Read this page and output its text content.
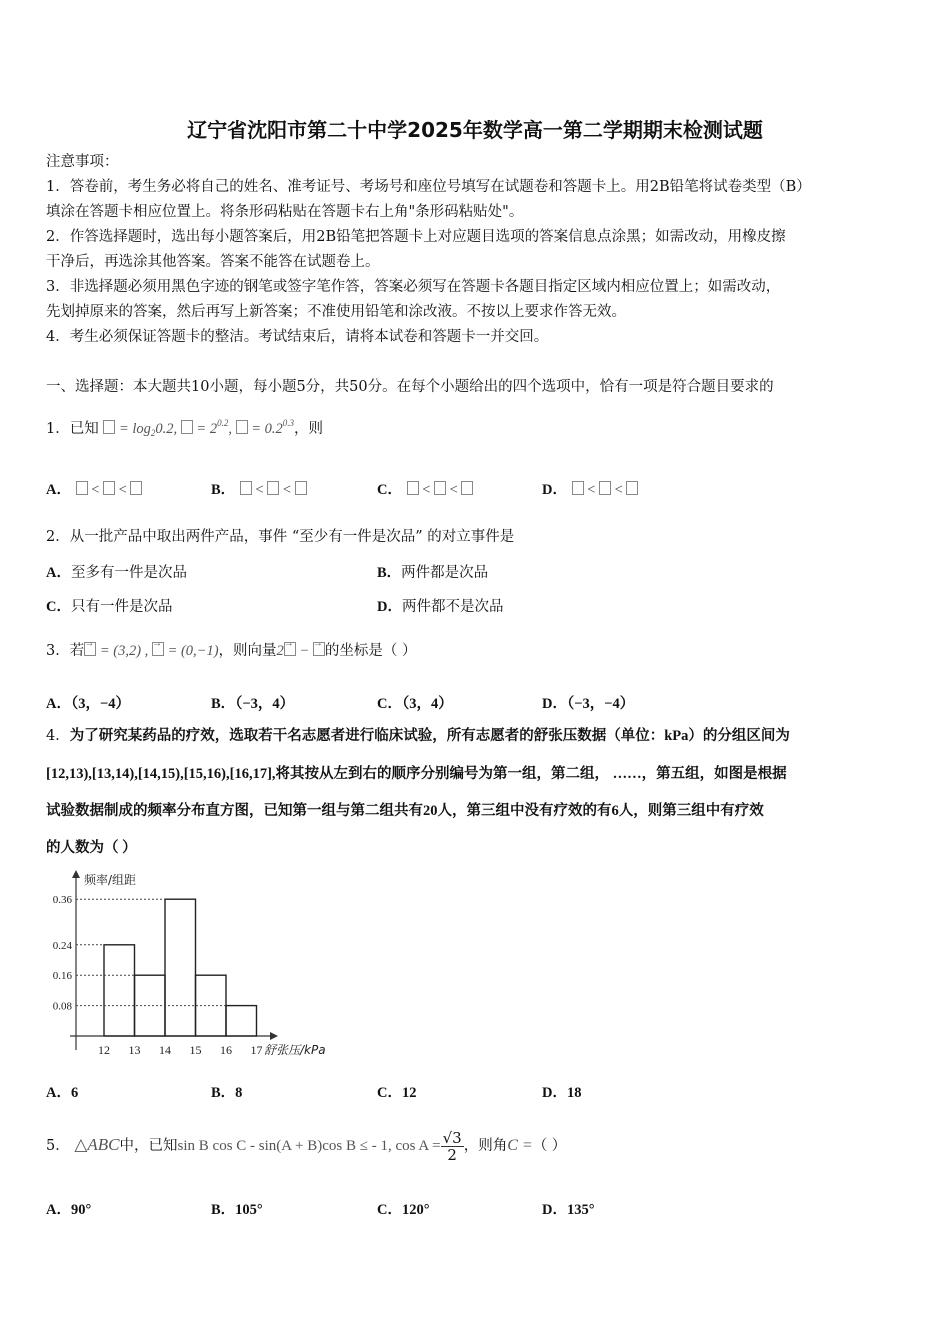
辽宁省沈阳市第二十中学2025年数学高一第二学期期末检测试题
注意事项：
1．答卷前，考生务必将自己的姓名、准考证号、考场号和座位号填写在试题卷和答题卡上。用2B铅笔将试卷类型（B）
填涂在答题卡相应位置上。将条形码粘贴在答题卡右上角"条形码粘贴处"。
2．作答选择题时，选出每小题答案后，用2B铅笔把答题卡上对应题目选项的答案信息点涂黑；如需改动，用橡皮擦
干净后，再选涂其他答案。答案不能答在试题卷上。
3．非选择题必须用黑色字迹的钢笔或签字笔作答，答案必须写在答题卡各题目指定区域内相应位置上；如需改动，
先划掉原来的答案，然后再写上新答案；不准使用铅笔和涂改液。不按以上要求作答无效。
4．考生必须保证答题卡的整洁。考试结束后，请将本试卷和答题卡一并交回。
一、选择题：本大题共10小题，每小题5分，共50分。在每个小题给出的四个选项中，恰有一项是符合题目要求的
1．已知 = $\log_20.2$, = $2^{0.2}$, = $0.2^{0.3}$，则
A．  <  <	B．  <  <	C．  <  <	D．  <  <
2．从一批产品中取出两件产品，事件 “至少有一件是次品” 的对立事件是
A．至多有一件是次品	B．两件都是次品
C．只有一件是次品	D．两件都不是次品
3．若 → = (3,2) , → = (0,−1)，则向量2 → − → 的坐标是（ ）
A．（3，−4）	B．（−3，4）	C．（3，4）	D．（−3，−4）
4．为了研究某药品的疗效，选取若干名志愿者进行临床试验，所有志愿者的舒张压数据（单位：kPa）的分组区间为
[12,13),[13,14),[14,15),[15,16),[16,17],将其按从左到右的顺序分别编号为第一组，第二组， ……，第五组，如图是根据
试验数据制成的频率分布直方图，已知第一组与第二组共有20人，第三组中没有疗效的有6人，则第三组中有疗效
的人数为（ ）
频率/组距
舒张压/kPa
0.08
0.16
0.24
0.36
12 13 14 15 16 17
A．6	B．8	C．12	D．18
5． △ABC中，已知sin B cos C - sin(A + B)cos B ≤ - 1, $\cos A = \frac{√3}{2}$ ，则角C =（ ）
A．90°	B．105°	C．120°	D．135°
